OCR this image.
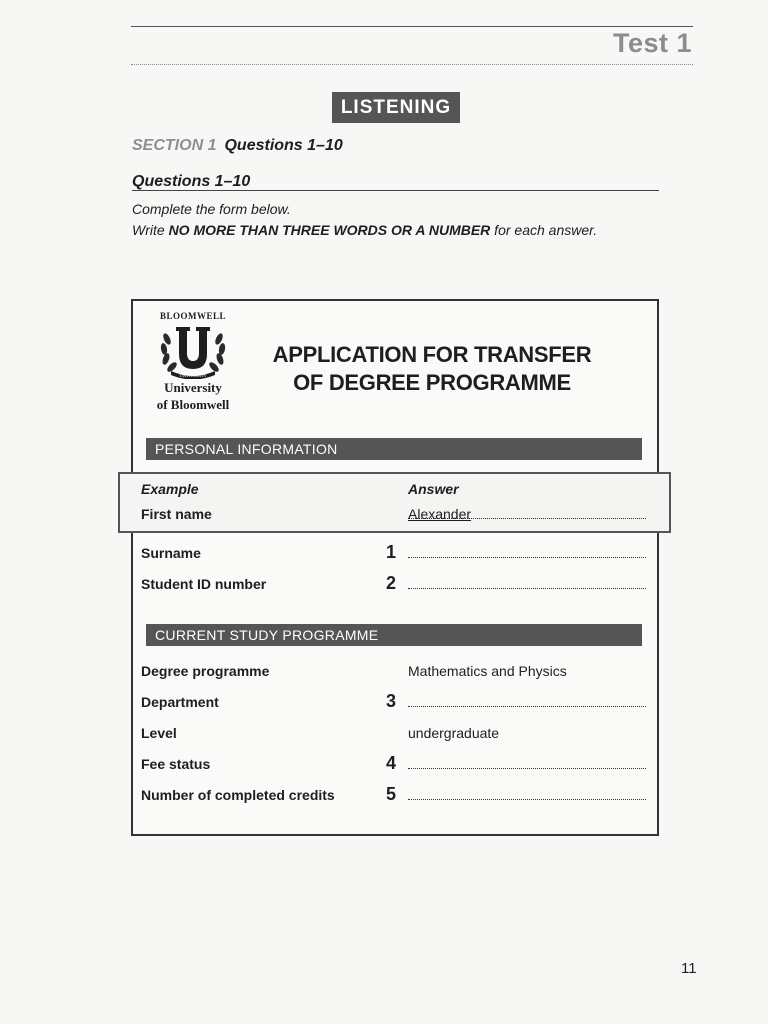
Test 1
LISTENING
SECTION 1 Questions 1–10
Questions 1–10
Complete the form below.
Write NO MORE THAN THREE WORDS OR A NUMBER for each answer.
BLOOMWELL
UNIVERSITY
University
of Bloomwell
APPLICATION FOR TRANSFER
OF DEGREE PROGRAMME
PERSONAL INFORMATION
Example	Answer
First name	Alexander
Surname	1
Student ID number	2
CURRENT STUDY PROGRAMME
Degree programme	Mathematics and Physics
Department	3
Level	undergraduate
Fee status	4
Number of completed credits	5
11
